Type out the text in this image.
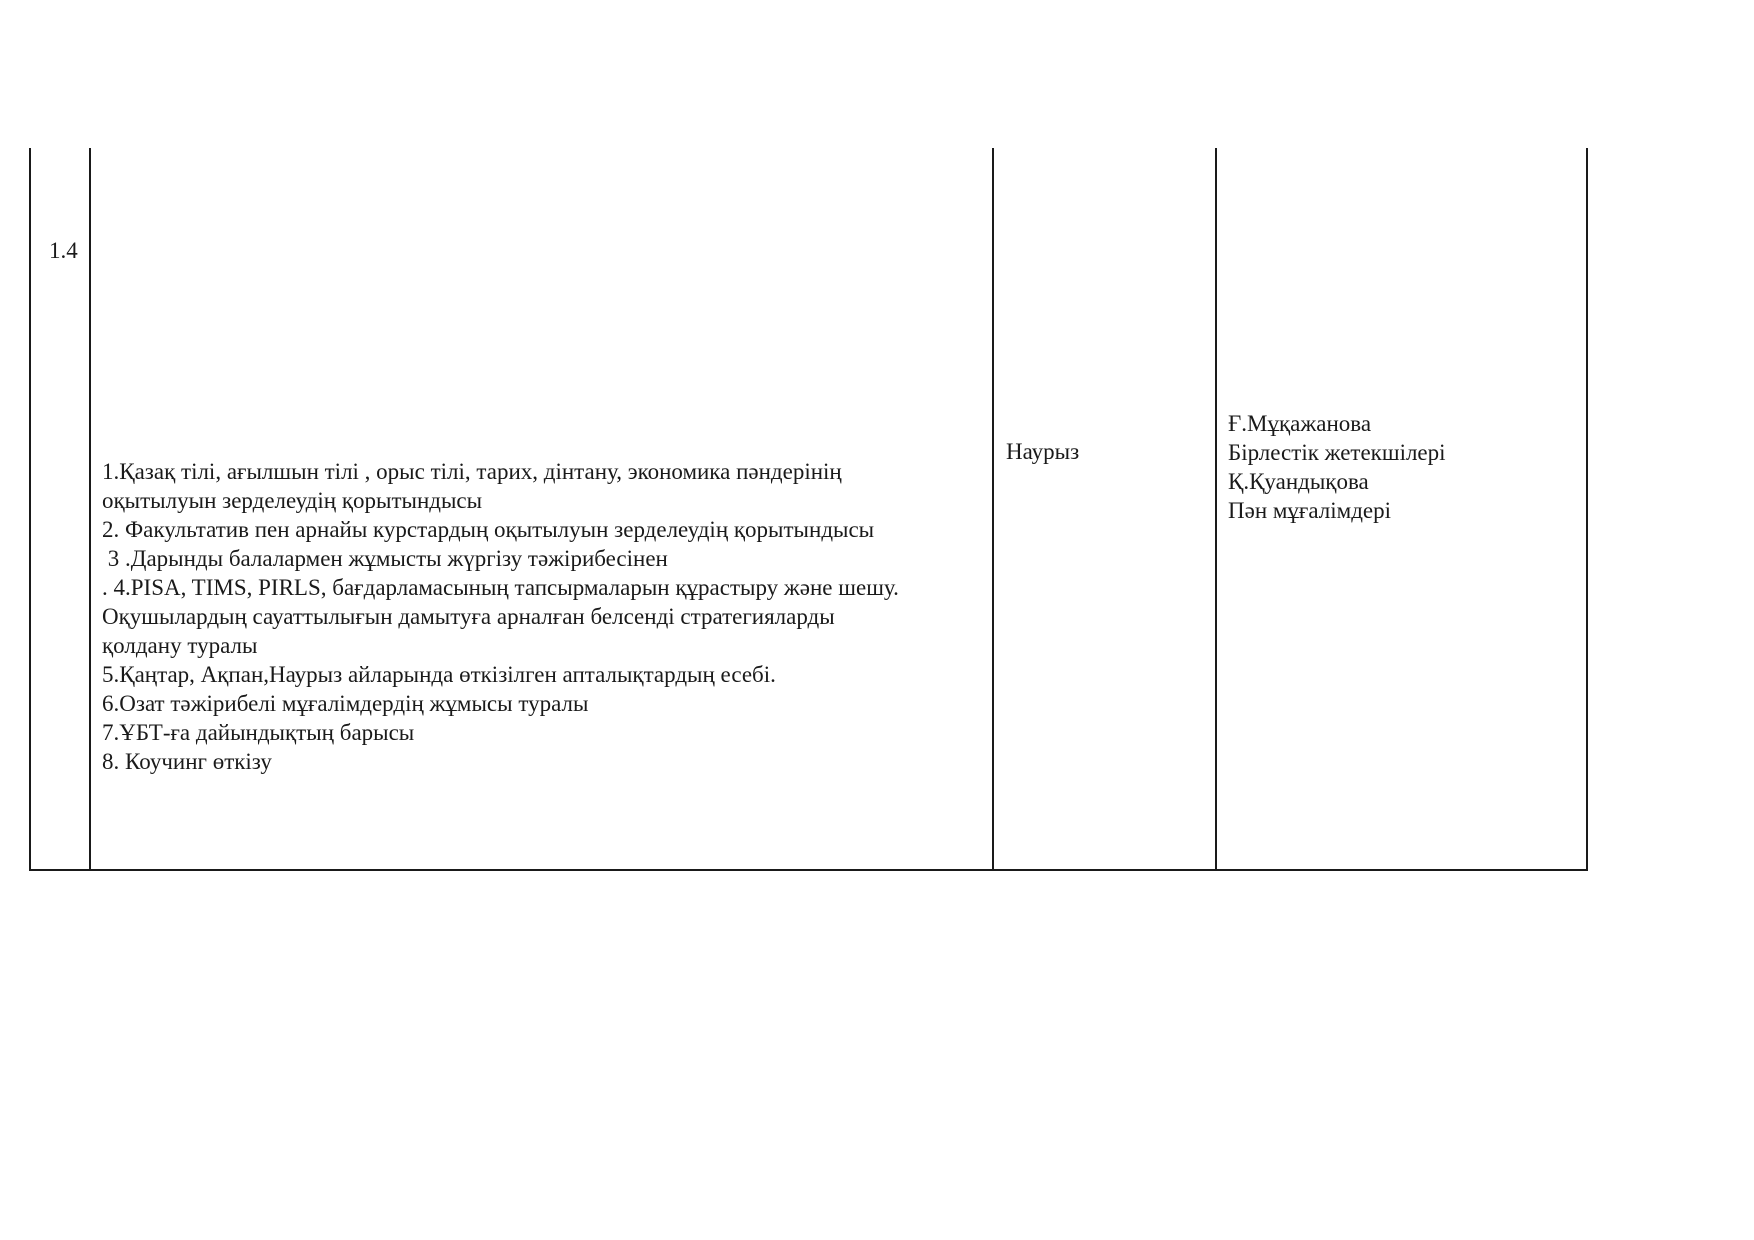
1.4
1.Қазақ тілі, ағылшын тілі , орыс тілі, тарих, дінтану, экономика пәндерінің
оқытылуын зерделеудің қорытындысы
2. Факультатив пен арнайы курстардың оқытылуын зерделеудің қорытындысы
3 .Дарынды балалармен жұмысты жүргізу тәжірибесінен
. 4.PISA, TIMS, PIRLS, бағдарламасының тапсырмаларын құрастыру және шешу.
Оқушылардың сауаттылығын дамытуға арналған белсенді стратегияларды
қолдану туралы
5.Қаңтар, Ақпан,Наурыз айларында өткізілген апталықтардың есебі.
6.Озат тәжірибелі мұғалімдердің жұмысы туралы
7.ҰБТ-ға дайындықтың барысы
8. Коучинг өткізу
Наурыз
Ғ.Мұқажанова
Бірлестік жетекшілері
Қ.Қуандықова
Пән мұғалімдері
